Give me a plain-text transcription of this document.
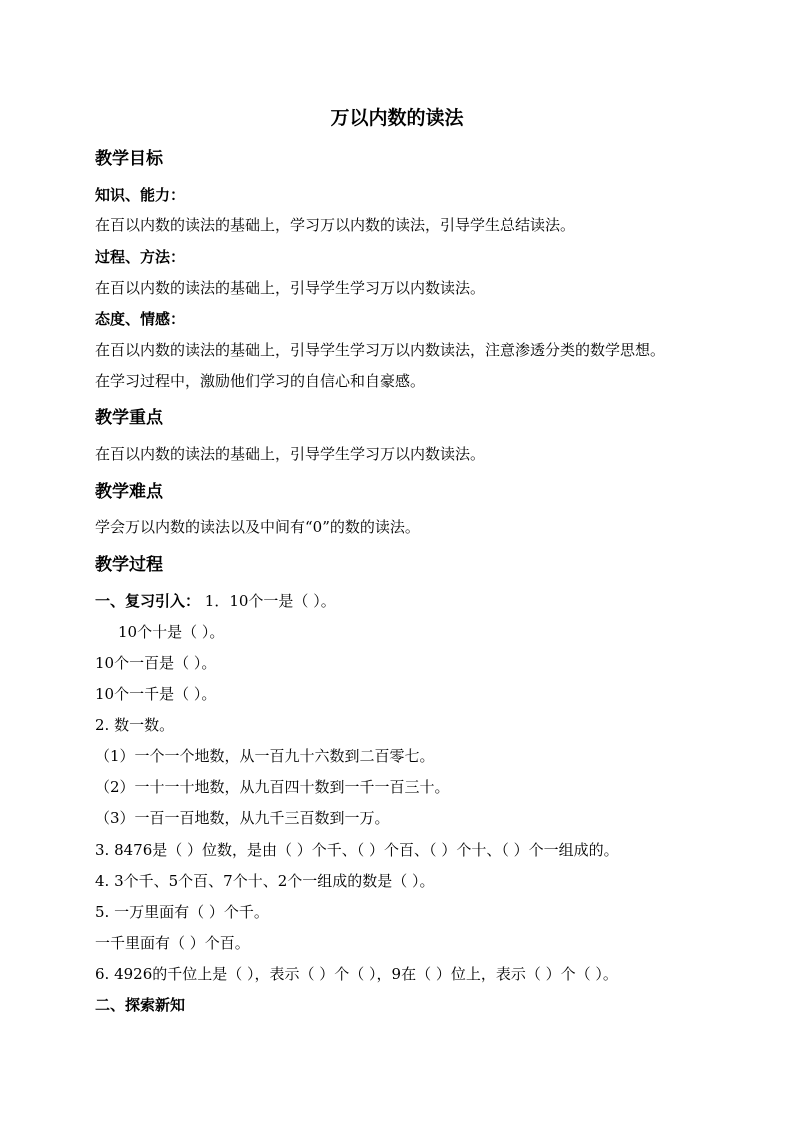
万以内数的读法
教学目标
知识、能力：
在百以内数的读法的基础上，学习万以内数的读法，引导学生总结读法。
过程、方法：
在百以内数的读法的基础上，引导学生学习万以内数读法。
态度、情感：
在百以内数的读法的基础上，引导学生学习万以内数读法，注意渗透分类的数学思想。
在学习过程中，激励他们学习的自信心和自豪感。
教学重点
在百以内数的读法的基础上，引导学生学习万以内数读法。
教学难点
学会万以内数的读法以及中间有“0”的数的读法。
教学过程
一、复习引入： 1．10个一是（ ）。
10个十是（ ）。
10个一百是（ ）。
10个一千是（ ）。
2. 数一数。
（1）一个一个地数，从一百九十六数到二百零七。
（2）一十一十地数，从九百四十数到一千一百三十。
（3）一百一百地数，从九千三百数到一万。
3. 8476是（ ）位数，是由（ ）个千、（ ）个百、（ ）个十、（ ）个一组成的。
4. 3个千、5个百、7个十、2个一组成的数是（ ）。
5. 一万里面有（ ）个千。
一千里面有（ ）个百。
6. 4926的千位上是（ ），表示（ ）个（ ），9在（ ）位上，表示（ ）个（ ）。
二、探索新知
